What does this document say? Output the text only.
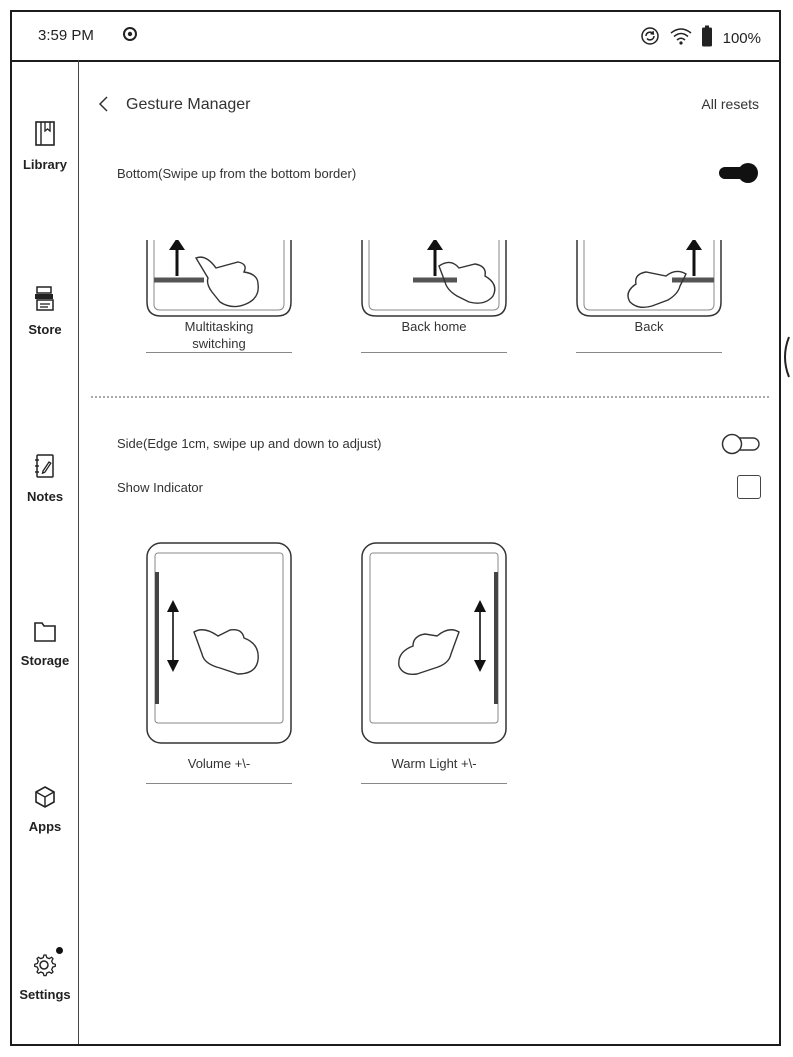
3:59 PM	100%
Library
Store
Notes
Storage
Apps
Settings
Gesture Manager	All resets
Bottom(Swipe up from the bottom border)
Multitasking
switching
Back home	Back
Side(Edge 1cm, swipe up and down to adjust)
Show Indicator
Volume +\-	Warm Light +\-
